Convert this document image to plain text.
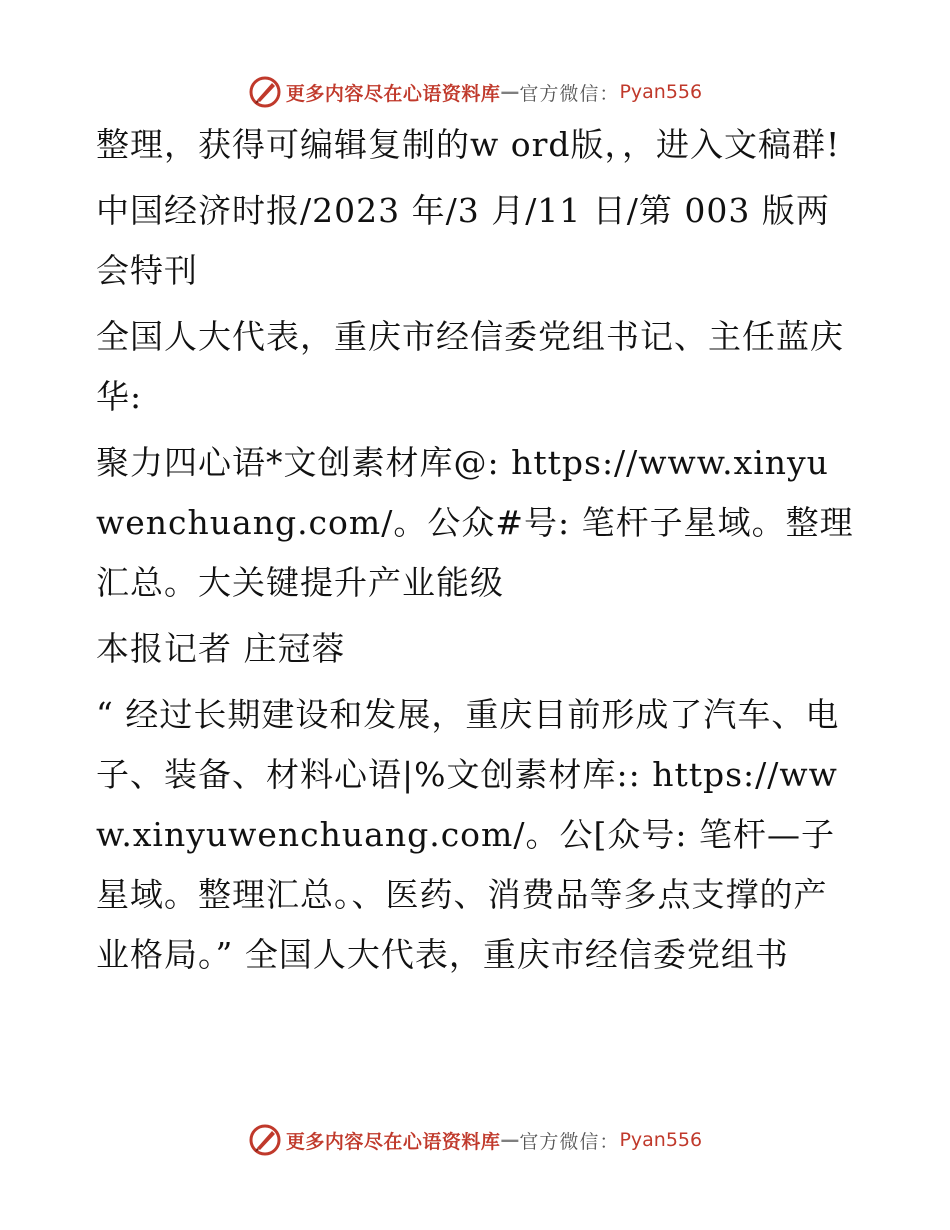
更多内容尽在心语资料库 — 官方微信： Pyan556

整理，获得可编辑复制的w ord版，，进入文稿群!

中国经济时报/2023 年/3 月/11 日/第 003 版两会特刊

全国人大代表，重庆市经信委党组书记、主任蓝庆华:

聚力四心语*文创素材库@: https://www.xinyuwenchuang.com/。公众#号: 笔杆子星域。整理汇总。大关键提升产业能级

本报记者 庄冠蓉

“ 经过长期建设和发展，重庆目前形成了汽车、电子、装备、材料心语|%文创素材库:: https://www.xinyuwenchuang.com/。公[众号: 笔杆—子星域。整理汇总。、医药、消费品等多点支撑的产业格局。” 全国人大代表，重庆市经信委党组书

更多内容尽在心语资料库 — 官方微信： Pyan556
